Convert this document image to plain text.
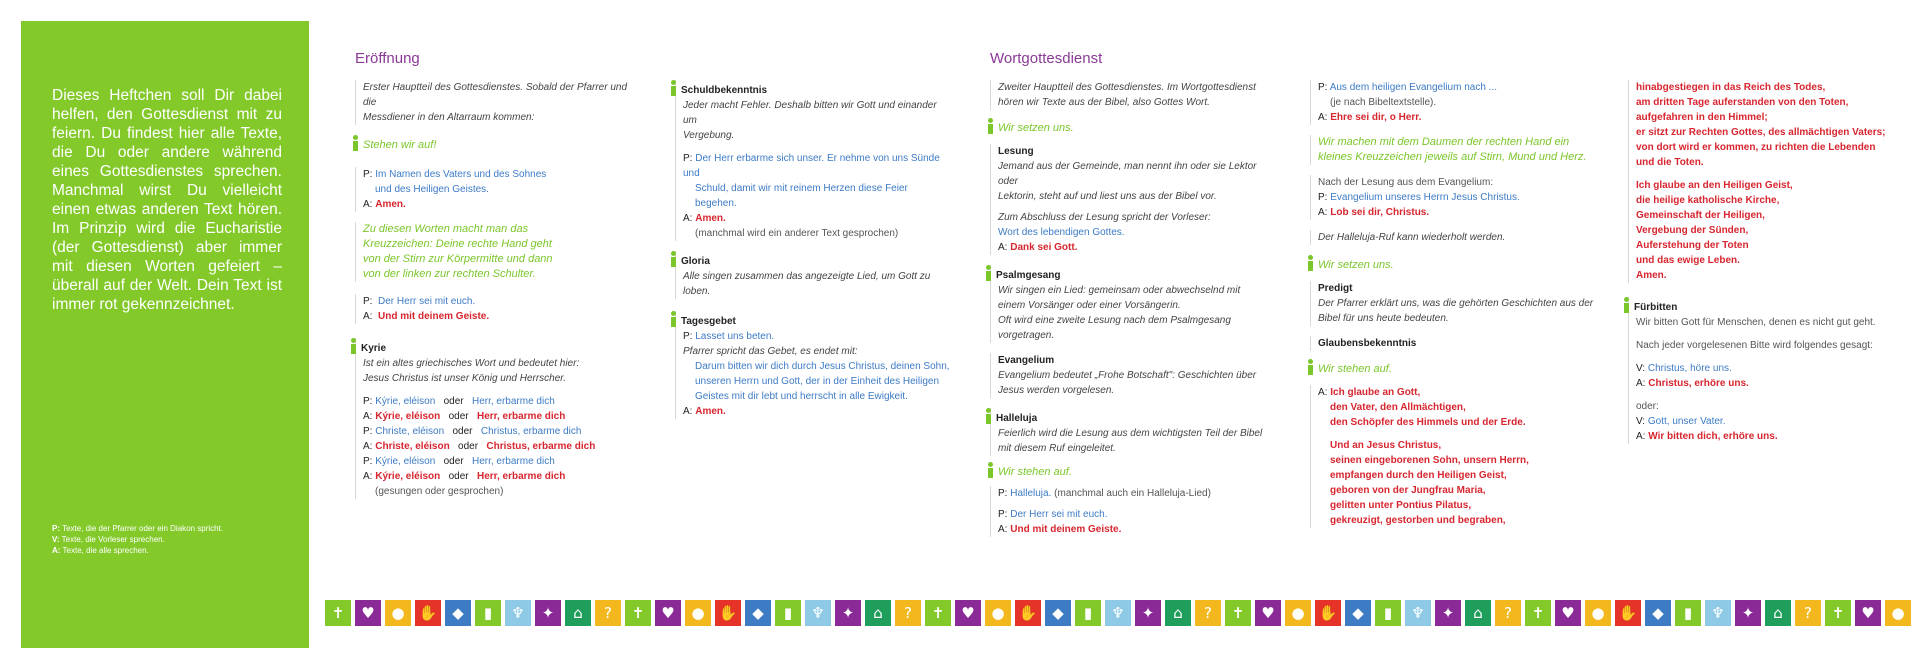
Dieses Heftchen soll Dir dabei helfen, den Gottesdienst mit zu feiern. Du findest hier alle Texte, die Du oder andere während eines Gottesdienstes sprechen. Manchmal wirst Du vielleicht einen etwas anderen Text hören. Im Prinzip wird die Eucharistie (der Gottesdienst) aber immer mit diesen Worten gefeiert – überall auf der Welt. Dein Text ist immer rot gekennzeichnet.

P: Texte, die der Pfarrer oder ein Diakon spricht.
V: Texte, die Vorleser sprechen.
A: Texte, die alle sprechen.
Eröffnung	Wortgottesdienst

Erster Hauptteil des Gottesdienstes. Sobald der Pfarrer und die

Messdiener in den Altarraum kommen:

Stehen wir auf!

P: Im Namen des Vaters und des Sohnes

und des Heiligen Geistes.

A: Amen.

Zu diesen Worten macht man das

Kreuzzeichen: Deine rechte Hand geht

von der Stirn zur Körpermitte und dann

von der linken zur rechten Schulter.

P: Der Herr sei mit euch.

A: Und mit deinem Geiste.

Kyrie

Ist ein altes griechisches Wort und bedeutet hier:

Jesus Christus ist unser König und Herrscher.

P: Kýrie, eléison oder Herr, erbarme dich

A: Kýrie, eléison oder Herr, erbarme dich

P: Christe, eléison oder Christus, erbarme dich

A: Christe, eléison oder Christus, erbarme dich

P: Kýrie, eléison oder Herr, erbarme dich

A: Kýrie, eléison oder Herr, erbarme dich

(gesungen oder gesprochen)

Schuldbekenntnis

Jeder macht Fehler. Deshalb bitten wir Gott und einander um

Vergebung.

P: Der Herr erbarme sich unser. Er nehme von uns Sünde und

Schuld, damit wir mit reinem Herzen diese Feier begehen.

A: Amen.

(manchmal wird ein anderer Text gesprochen)

Gloria

Alle singen zusammen das angezeigte Lied, um Gott zu loben.

Tagesgebet

P: Lasset uns beten.

Pfarrer spricht das Gebet, es endet mit:

Darum bitten wir dich durch Jesus Christus, deinen Sohn,

unseren Herrn und Gott, der in der Einheit des Heiligen

Geistes mit dir lebt und herrscht in alle Ewigkeit.

A: Amen.

Zweiter Hauptteil des Gottesdienstes. Im Wortgottesdienst

hören wir Texte aus der Bibel, also Gottes Wort.

Wir setzen uns.

Lesung

Jemand aus der Gemeinde, man nennt ihn oder sie Lektor oder

Lektorin, steht auf und liest uns aus der Bibel vor.

Zum Abschluss der Lesung spricht der Vorleser:

Wort des lebendigen Gottes.

A: Dank sei Gott.

Psalmgesang

Wir singen ein Lied: gemeinsam oder abwechselnd mit

einem Vorsänger oder einer Vorsängerin.

Oft wird eine zweite Lesung nach dem Psalmgesang

vorgetragen.

Evangelium

Evangelium bedeutet „Frohe Botschaft": Geschichten über

Jesus werden vorgelesen.

Halleluja

Feierlich wird die Lesung aus dem wichtigsten Teil der Bibel

mit diesem Ruf eingeleitet.

Wir stehen auf.

P: Halleluja. (manchmal auch ein Halleluja-Lied)

P: Der Herr sei mit euch.

A: Und mit deinem Geiste.

P: Aus dem heiligen Evangelium nach ...

(je nach Bibeltextstelle).

A: Ehre sei dir, o Herr.

Wir machen mit dem Daumen der rechten Hand ein

kleines Kreuzzeichen jeweils auf Stirn, Mund und Herz.

Nach der Lesung aus dem Evangelium:

P: Evangelium unseres Herrn Jesus Christus.

A: Lob sei dir, Christus.

Der Halleluja-Ruf kann wiederholt werden.

Wir setzen uns.

Predigt

Der Pfarrer erklärt uns, was die gehörten Geschichten aus der

Bibel für uns heute bedeuten.

Glaubensbekenntnis

Wir stehen auf.

A: Ich glaube an Gott,

den Vater, den Allmächtigen,

den Schöpfer des Himmels und der Erde.

Und an Jesus Christus,

seinen eingeborenen Sohn, unsern Herrn,

empfangen durch den Heiligen Geist,

geboren von der Jungfrau Maria,

gelitten unter Pontius Pilatus,

gekreuzigt, gestorben und begraben,

hinabgestiegen in das Reich des Todes,

am dritten Tage auferstanden von den Toten,

aufgefahren in den Himmel;

er sitzt zur Rechten Gottes, des allmächtigen Vaters;

von dort wird er kommen, zu richten die Lebenden

und die Toten.

Ich glaube an den Heiligen Geist,

die heilige katholische Kirche,

Gemeinschaft der Heiligen,

Vergebung der Sünden,

Auferstehung der Toten

und das ewige Leben.

Amen.

Fürbitten

Wir bitten Gott für Menschen, denen es nicht gut geht.

Nach jeder vorgelesenen Bitte wird folgendes gesagt:

V: Christus, höre uns.

A: Christus, erhöre uns.

oder:

V: Gott, unser Vater.

A: Wir bitten dich, erhöre uns.

✝	♥	● ✋ ◆	▮	♆	✦	⌂	?	✝	♥	● ✋ ◆	▮	♆	✦	⌂	?	✝	♥	● ✋ ◆	▮	♆	✦	⌂	?	✝	♥	● ✋ ◆	▮	♆	✦	⌂	?	✝	♥	● ✋ ◆	▮	♆	✦	⌂	?	✝	♥	●
